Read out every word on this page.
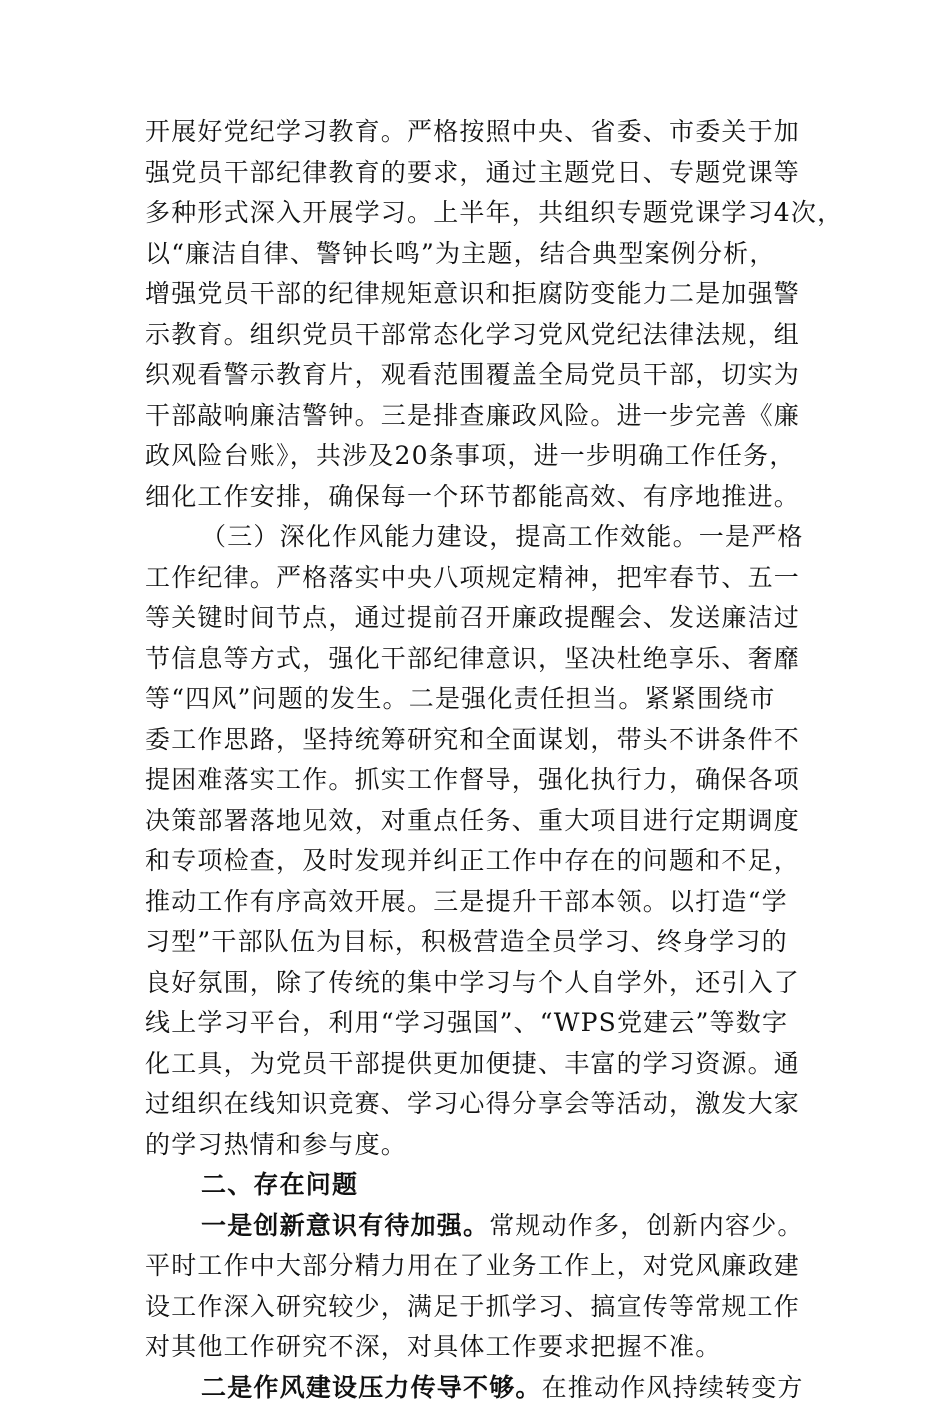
开展好党纪学习教育。严格按照中央、省委、市委关于加
强党员干部纪律教育的要求，通过主题党日、专题党课等
多种形式深入开展学习。上半年，共组织专题党课学习4次，
以“廉洁自律、警钟长鸣”为主题，结合典型案例分析，
增强党员干部的纪律规矩意识和拒腐防变能力二是加强警
示教育。组织党员干部常态化学习党风党纪法律法规，组
织观看警示教育片，观看范围覆盖全局党员干部，切实为
干部敲响廉洁警钟。三是排查廉政风险。进一步完善《廉
政风险台账》，共涉及20条事项，进一步明确工作任务，
细化工作安排，确保每一个环节都能高效、有序地推进。
（三）深化作风能力建设，提高工作效能。一是严格
工作纪律。严格落实中央八项规定精神，把牢春节、五一
等关键时间节点，通过提前召开廉政提醒会、发送廉洁过
节信息等方式，强化干部纪律意识，坚决杜绝享乐、奢靡
等“四风”问题的发生。二是强化责任担当。紧紧围绕市
委工作思路，坚持统筹研究和全面谋划，带头不讲条件不
提困难落实工作。抓实工作督导，强化执行力，确保各项
决策部署落地见效，对重点任务、重大项目进行定期调度
和专项检查，及时发现并纠正工作中存在的问题和不足，
推动工作有序高效开展。三是提升干部本领。以打造“学
习型”干部队伍为目标，积极营造全员学习、终身学习的
良好氛围，除了传统的集中学习与个人自学外，还引入了
线上学习平台，利用“学习强国”、“WPS党建云”等数字
化工具，为党员干部提供更加便捷、丰富的学习资源。通
过组织在线知识竞赛、学习心得分享会等活动，激发大家
的学习热情和参与度。
二、存在问题
一是创新意识有待加强。常规动作多，创新内容少。
平时工作中大部分精力用在了业务工作上，对党风廉政建
设工作深入研究较少，满足于抓学习、搞宣传等常规工作
对其他工作研究不深，对具体工作要求把握不准。
二是作风建设压力传导不够。在推动作风持续转变方
